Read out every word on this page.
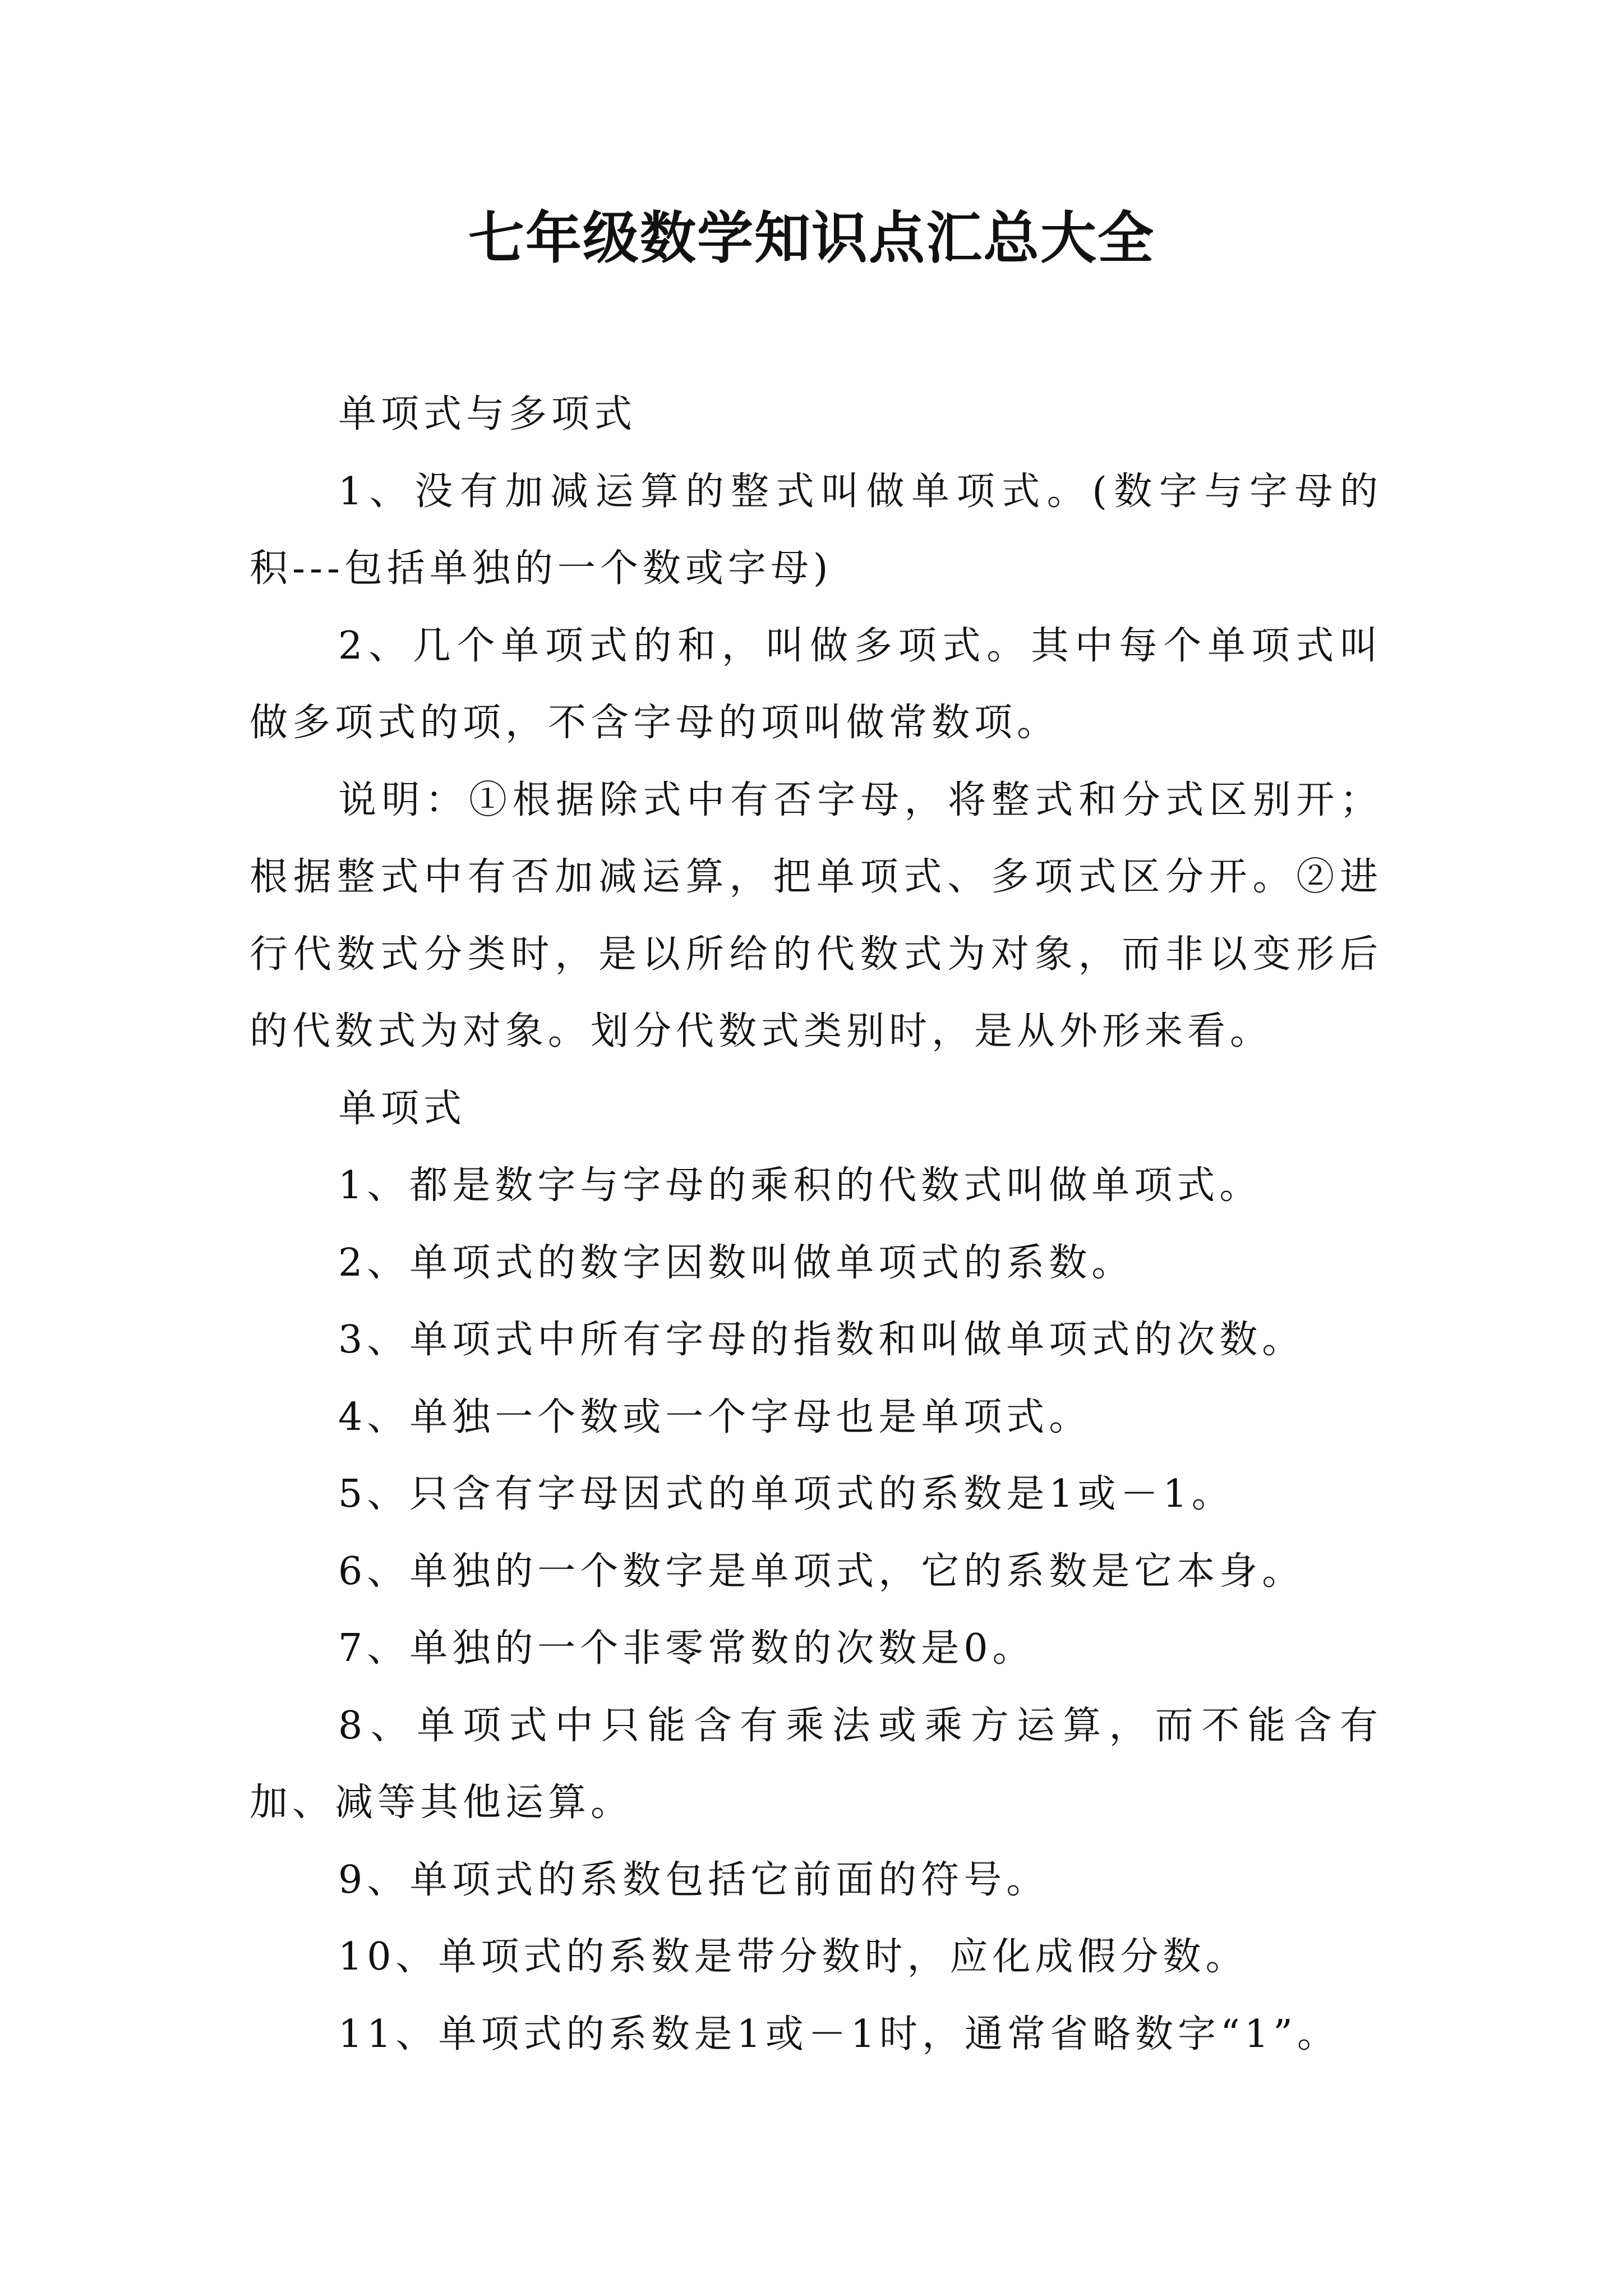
七年级数学知识点汇总大全

单项式与多项式

1、没有加减运算的整式叫做单项式。(数字与字母的积---包括单独的一个数或字母)

2、几个单项式的和，叫做多项式。其中每个单项式叫做多项式的项，不含字母的项叫做常数项。

说明：①根据除式中有否字母，将整式和分式区别开；根据整式中有否加减运算，把单项式、多项式区分开。②进行代数式分类时，是以所给的代数式为对象，而非以变形后的代数式为对象。划分代数式类别时，是从外形来看。

单项式

1、都是数字与字母的乘积的代数式叫做单项式。

2、单项式的数字因数叫做单项式的系数。

3、单项式中所有字母的指数和叫做单项式的次数。

4、单独一个数或一个字母也是单项式。

5、只含有字母因式的单项式的系数是1或－1。

6、单独的一个数字是单项式，它的系数是它本身。

7、单独的一个非零常数的次数是0。

8、单项式中只能含有乘法或乘方运算，而不能含有加、减等其他运算。

9、单项式的系数包括它前面的符号。

10、单项式的系数是带分数时，应化成假分数。

11、单项式的系数是1或－1时，通常省略数字“1”。
